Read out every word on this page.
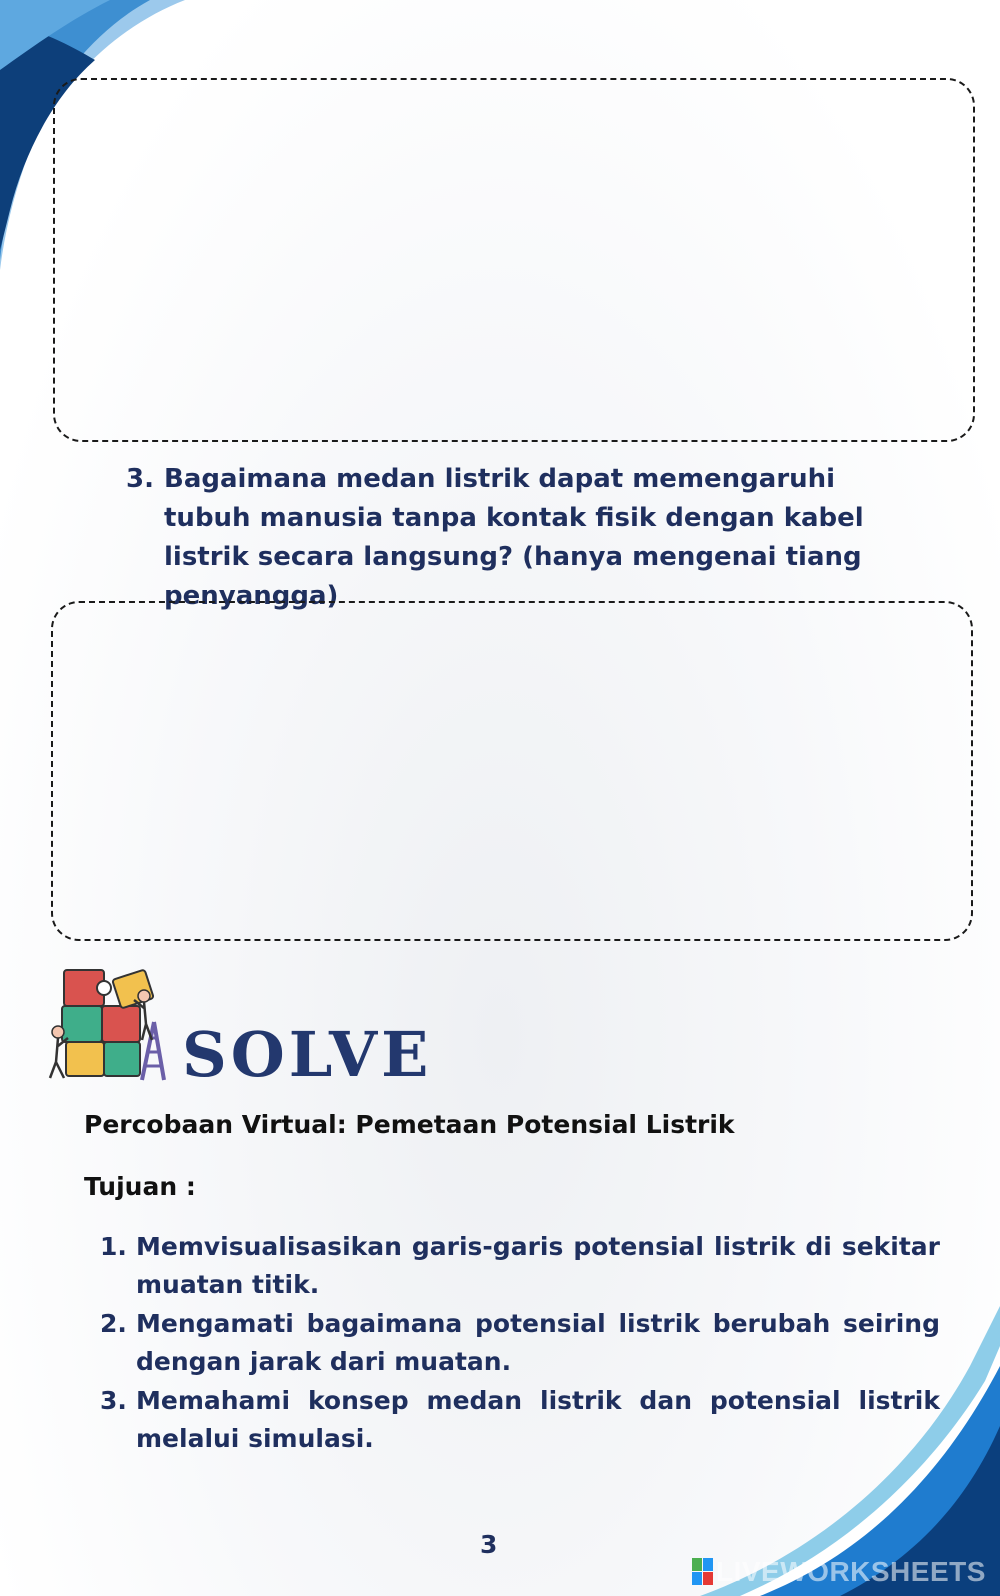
3. Bagaimana medan listrik dapat memengaruhi tubuh manusia tanpa kontak fisik dengan kabel listrik secara langsung? (hanya mengenai tiang penyangga)
SOLVE
Percobaan Virtual: Pemetaan Potensial Listrik
Tujuan :
1. Memvisualisasikan garis-garis potensial listrik di sekitar muatan titik.
2. Mengamati bagaimana potensial listrik berubah seiring dengan jarak dari muatan.
3. Memahami konsep medan listrik dan potensial listrik melalui simulasi.
3
LIVEWORKSHEETS
